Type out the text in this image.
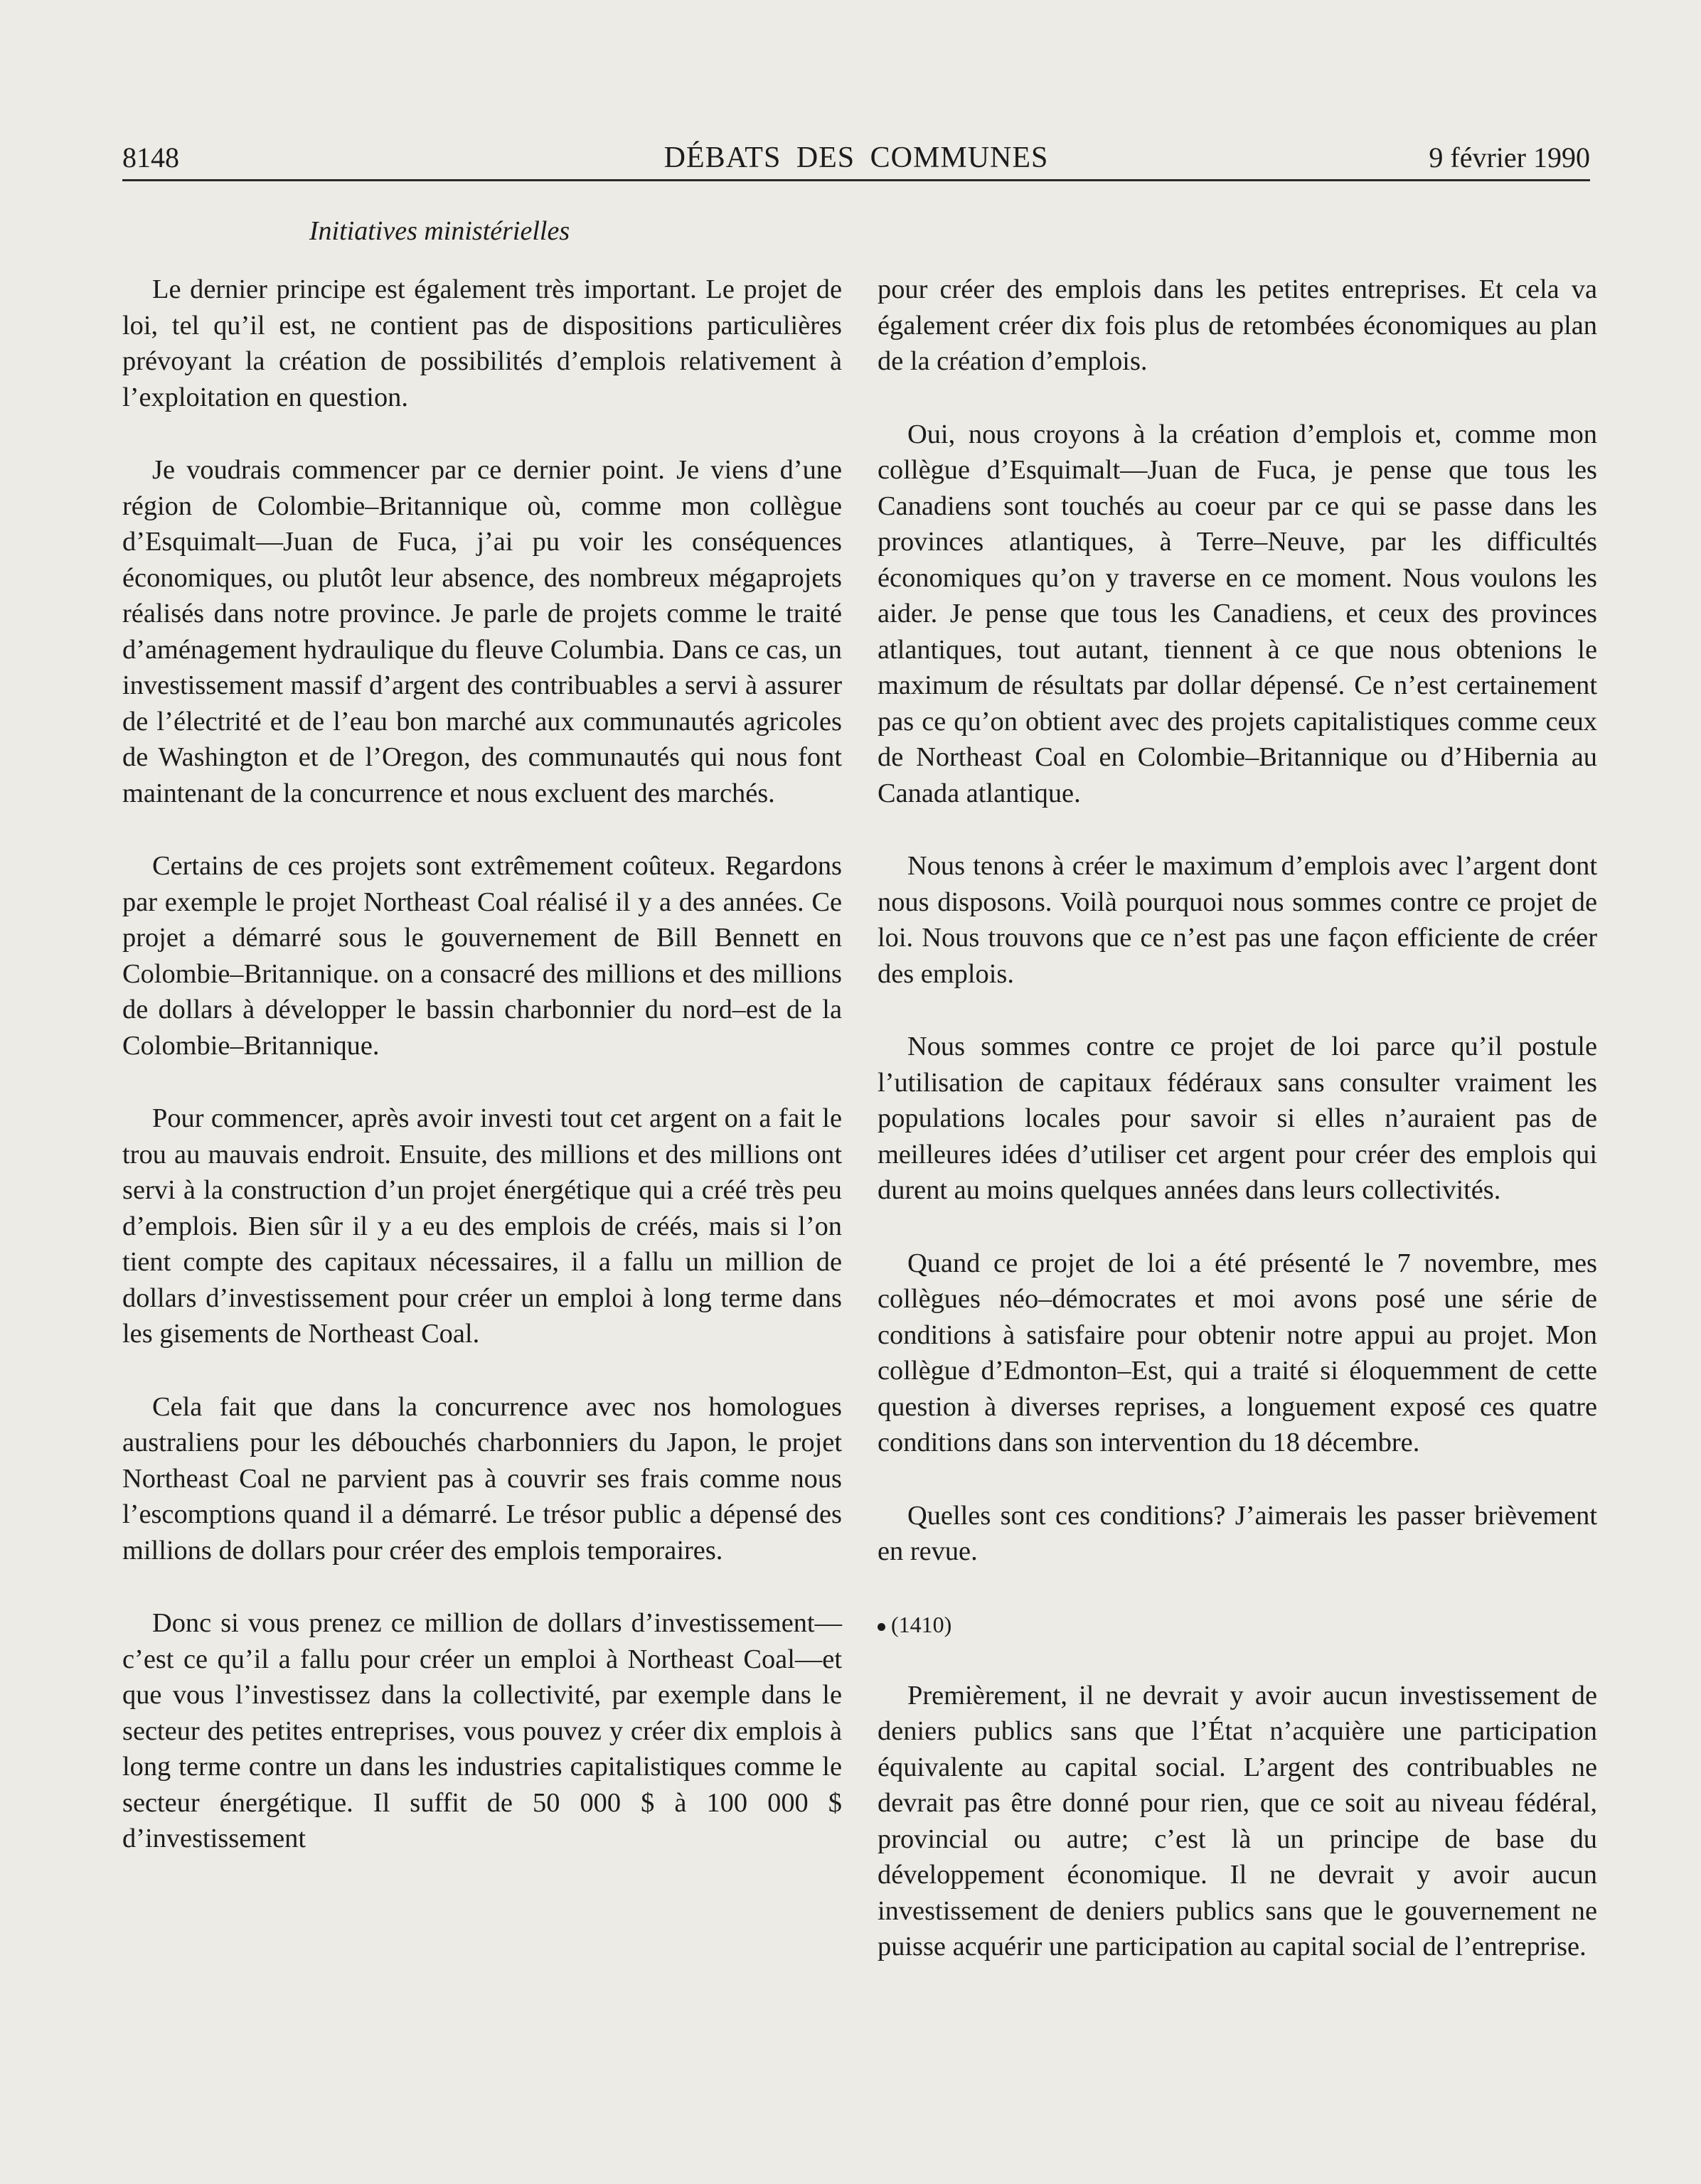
8148	DÉBATS DES COMMUNES	9 février 1990
Initiatives ministérielles

Le dernier principe est également très important. Le projet de loi, tel qu’il est, ne contient pas de dispositions particulières prévoyant la création de possibilités d’emplois relativement à l’exploitation en question.

Je voudrais commencer par ce dernier point. Je viens d’une région de Colombie–Britannique où, comme mon collègue d’Esquimalt—Juan de Fuca, j’ai pu voir les conséquences économiques, ou plutôt leur absence, des nombreux mégaprojets réalisés dans notre province. Je parle de projets comme le traité d’aménagement hydraulique du fleuve Columbia. Dans ce cas, un investissement massif d’argent des contribuables a servi à assurer de l’électrité et de l’eau bon marché aux communautés agricoles de Washington et de l’Oregon, des communautés qui nous font maintenant de la concurrence et nous excluent des marchés.

Certains de ces projets sont extrêmement coûteux. Regardons par exemple le projet Northeast Coal réalisé il y a des années. Ce projet a démarré sous le gouvernement de Bill Bennett en Colombie–Britannique. on a consacré des millions et des millions de dollars à développer le bassin charbonnier du nord–est de la Colombie–Britannique.

Pour commencer, après avoir investi tout cet argent on a fait le trou au mauvais endroit. Ensuite, des millions et des millions ont servi à la construction d’un projet énergétique qui a créé très peu d’emplois. Bien sûr il y a eu des emplois de créés, mais si l’on tient compte des capitaux nécessaires, il a fallu un million de dollars d’investissement pour créer un emploi à long terme dans les gisements de Northeast Coal.

Cela fait que dans la concurrence avec nos homologues australiens pour les débouchés charbonniers du Japon, le projet Northeast Coal ne parvient pas à couvrir ses frais comme nous l’escomptions quand il a démarré. Le trésor public a dépensé des millions de dollars pour créer des emplois temporaires.

Donc si vous prenez ce million de dollars d’investissement— c’est ce qu’il a fallu pour créer un emploi à Northeast Coal—et que vous l’investissez dans la collectivité, par exemple dans le secteur des petites entreprises, vous pouvez y créer dix emplois à long terme contre un dans les industries capitalistiques comme le secteur énergétique. Il suffit de 50 000 $ à 100 000 $ d’investissement

pour créer des emplois dans les petites entreprises. Et cela va également créer dix fois plus de retombées économiques au plan de la création d’emplois.

Oui, nous croyons à la création d’emplois et, comme mon collègue d’Esquimalt—Juan de Fuca, je pense que tous les Canadiens sont touchés au coeur par ce qui se passe dans les provinces atlantiques, à Terre–Neuve, par les difficultés économiques qu’on y traverse en ce moment. Nous voulons les aider. Je pense que tous les Canadiens, et ceux des provinces atlantiques, tout autant, tiennent à ce que nous obtenions le maximum de résultats par dollar dépensé. Ce n’est certainement pas ce qu’on obtient avec des projets capitalistiques comme ceux de Northeast Coal en Colombie–Britannique ou d’Hibernia au Canada atlantique.

Nous tenons à créer le maximum d’emplois avec l’argent dont nous disposons. Voilà pourquoi nous sommes contre ce projet de loi. Nous trouvons que ce n’est pas une façon efficiente de créer des emplois.

Nous sommes contre ce projet de loi parce qu’il postule l’utilisation de capitaux fédéraux sans consulter vraiment les populations locales pour savoir si elles n’auraient pas de meilleures idées d’utiliser cet argent pour créer des emplois qui durent au moins quelques années dans leurs collectivités.

Quand ce projet de loi a été présenté le 7 novembre, mes collègues néo–démocrates et moi avons posé une série de conditions à satisfaire pour obtenir notre appui au projet. Mon collègue d’Edmonton–Est, qui a traité si éloquemment de cette question à diverses reprises, a longuement exposé ces quatre conditions dans son intervention du 18 décembre.

Quelles sont ces conditions? J’aimerais les passer brièvement en revue.

(1410)

Premièrement, il ne devrait y avoir aucun investissement de deniers publics sans que l’État n’acquière une participation équivalente au capital social. L’argent des contribuables ne devrait pas être donné pour rien, que ce soit au niveau fédéral, provincial ou autre; c’est là un principe de base du développement économique. Il ne devrait y avoir aucun investissement de deniers publics sans que le gouvernement ne puisse acquérir une participation au capital social de l’entreprise.
